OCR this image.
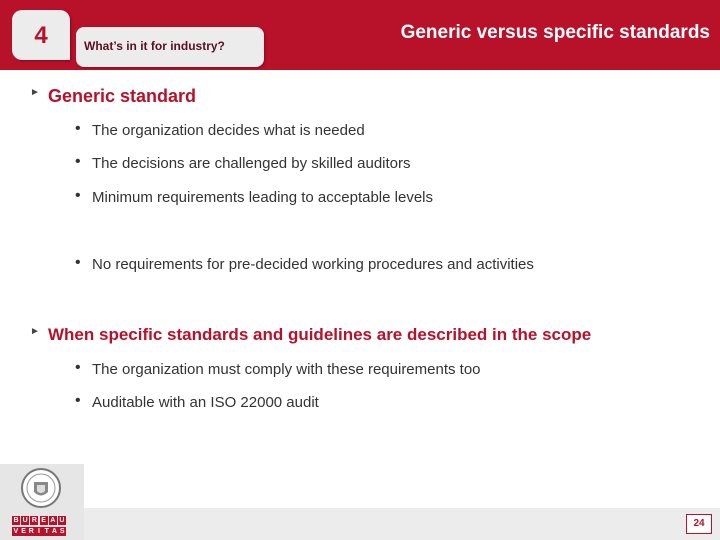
4	What’s in it for industry?
Generic versus specific standards
► Generic standard
• The organization decides what is needed
• The decisions are challenged by skilled auditors
• Minimum requirements leading to acceptable levels
• No requirements for pre-decided working procedures and activities
► When specific standards and guidelines are described in the scope
• The organization must comply with these requirements too
• Auditable with an ISO 22000 audit
B U R E A U
V E R I T A S
24
